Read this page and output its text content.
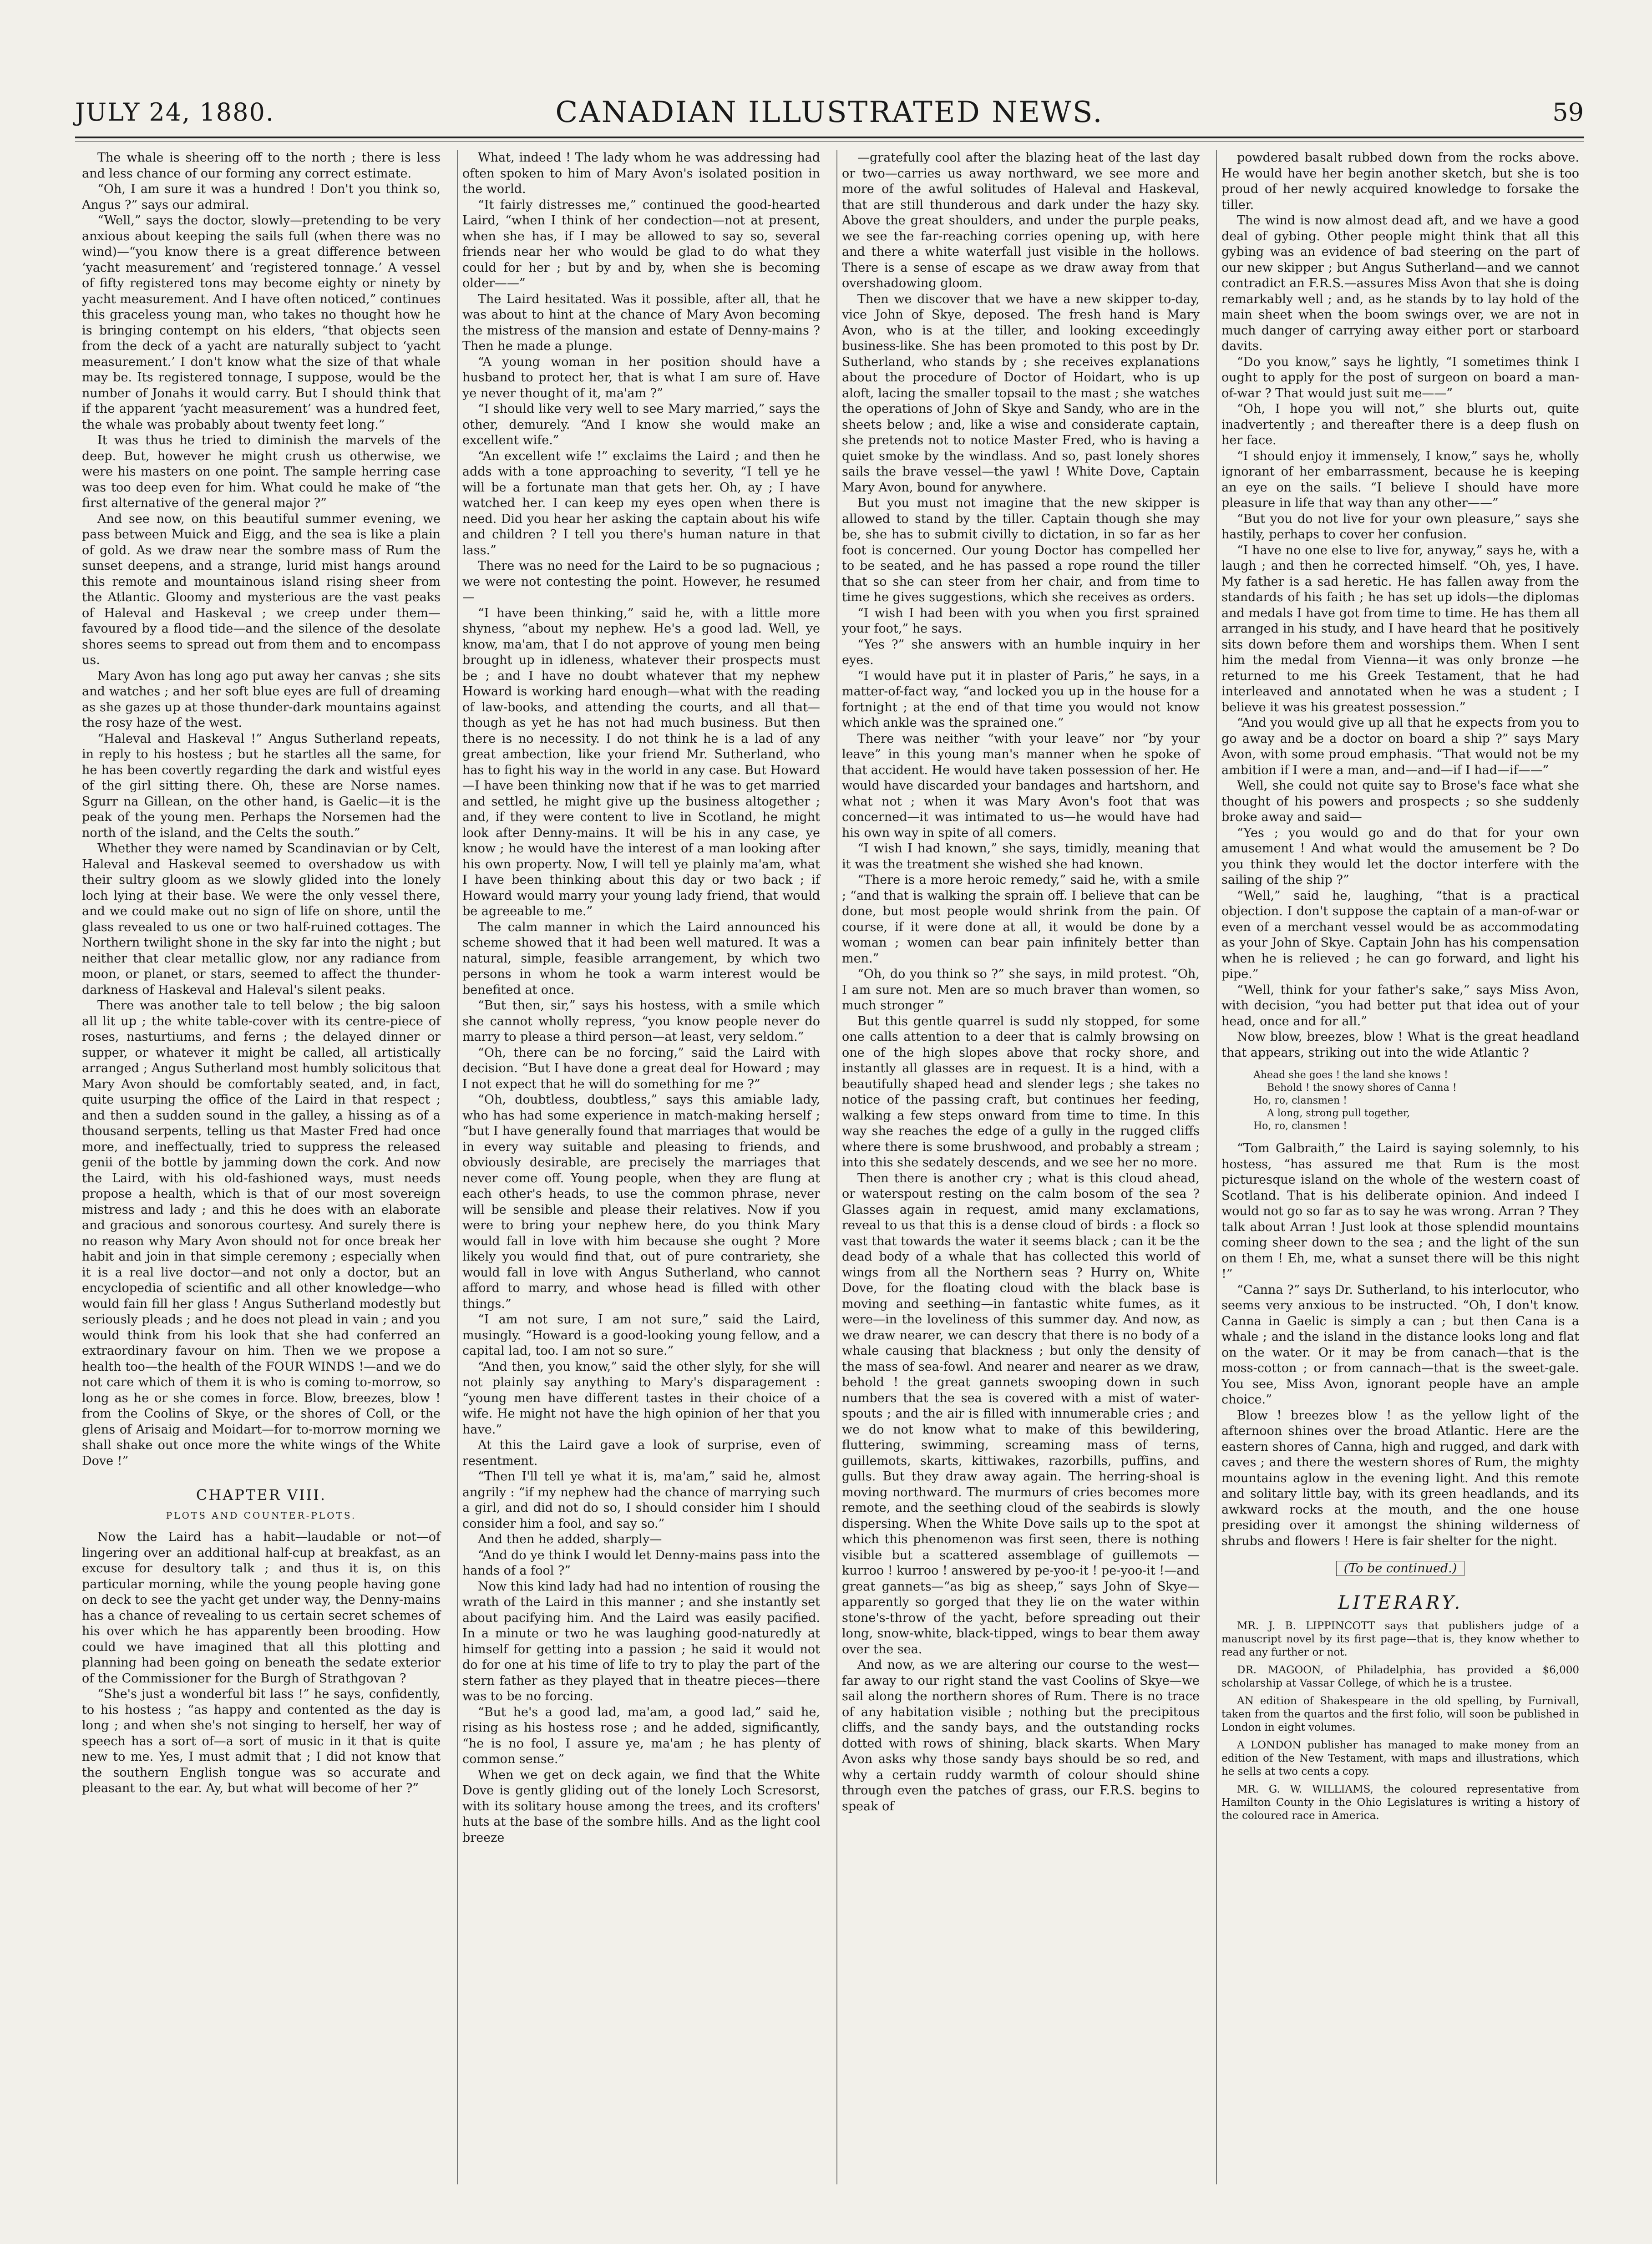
JULY 24, 1880.	CANADIAN ILLUSTRATED NEWS.	59

The whale is sheering off to the north ; there is less and less chance of our forming any correct estimate.

“Oh, I am sure it was a hundred ! Don't you think so, Angus ?” says our admiral.

“Well,” says the doctor, slowly—pretending to be very anxious about keeping the sails full (when there was no wind)—“you know there is a great difference between ‘yacht measurement’ and ‘registered tonnage.’ A vessel of fifty registered tons may become eighty or ninety by yacht measurement. And I have often noticed,” continues this graceless young man, who takes no thought how he is bringing contempt on his elders, “that objects seen from the deck of a yacht are naturally subject to ‘yacht measurement.’ I don't know what the size of that whale may be. Its registered tonnage, I suppose, would be the number of Jonahs it would carry. But I should think that if the apparent ‘yacht measurement’ was a hundred feet, the whale was probably about twenty feet long.”

It was thus he tried to diminish the marvels of the deep. But, however he might crush us otherwise, we were his masters on one point. The sample herring case was too deep even for him. What could he make of “the first alternative of the general major ?”

And see now, on this beautiful summer evening, we pass between Muick and Eigg, and the sea is like a plain of gold. As we draw near the sombre mass of Rum the sunset deepens, and a strange, lurid mist hangs around this remote and mountainous island rising sheer from the Atlantic. Gloomy and mysterious are the vast peaks of Haleval and Haskeval ; we creep under them—favoured by a flood tide—and the silence of the desolate shores seems to spread out from them and to encompass us.

Mary Avon has long ago put away her canvas ; she sits and watches ; and her soft blue eyes are full of dreaming as she gazes up at those thunder-dark mountains against the rosy haze of the west.

“Haleval and Haskeval !” Angus Sutherland repeats, in reply to his hostess ; but he startles all the same, for he has been covertly regarding the dark and wistful eyes of the girl sitting there. Oh, these are Norse names. Sgurr na Gillean, on the other hand, is Gaelic—it is the peak of the young men. Perhaps the Norsemen had the north of the island, and the Celts the south.”

Whether they were named by Scandinavian or by Celt, Haleval and Haskeval seemed to overshadow us with their sultry gloom as we slowly glided into the lonely loch lying at their base. We were the only vessel there, and we could make out no sign of life on shore, until the glass revealed to us one or two half-ruined cottages. The Northern twilight shone in the sky far into the night ; but neither that clear metallic glow, nor any radiance from moon, or planet, or stars, seemed to affect the thunder-darkness of Haskeval and Haleval's silent peaks.

There was another tale to tell below ; the big saloon all lit up ; the white table-cover with its centre-piece of roses, nasturtiums, and ferns ; the delayed dinner or supper, or whatever it might be called, all artistically arranged ; Angus Sutherland most humbly solicitous that Mary Avon should be comfortably seated, and, in fact, quite usurping the office of the Laird in that respect ; and then a sudden sound in the galley, a hissing as of a thousand serpents, telling us that Master Fred had once more, and ineffectually, tried to suppress the released genii of the bottle by jamming down the cork. And now the Laird, with his old-fashioned ways, must needs propose a health, which is that of our most sovereign mistress and lady ; and this he does with an elaborate and gracious and sonorous courtesy. And surely there is no reason why Mary Avon should not for once break her habit and join in that simple ceremony ; especially when it is a real live doctor—and not only a doctor, but an encyclopedia of scientific and all other knowledge—who would fain fill her glass ! Angus Sutherland modestly but seriously pleads ; and he does not plead in vain ; and you would think from his look that she had conferred an extraordinary favour on him. Then we we propose a health too—the health of the FOUR WINDS !—and we do not care which of them it is who is coming to-morrow, so long as he or she comes in force. Blow, breezes, blow ! from the Coolins of Skye, or the shores of Coll, or the glens of Arisaig and Moidart—for to-morrow morning we shall shake out once more the white wings of the White Dove !”

CHAPTER VIII.
PLOTS AND COUNTER-PLOTS.

Now the Laird has a habit—laudable or not—of lingering over an additional half-cup at breakfast, as an excuse for desultory talk ; and thus it is, on this particular morning, while the young people having gone on deck to see the yacht get under way, the Denny-mains has a chance of revealing to us certain secret schemes of his over which he has apparently been brooding. How could we have imagined that all this plotting and planning had been going on beneath the sedate exterior of the Commissioner for the Burgh of Strathgovan ?

“She's just a wonderful bit lass !” he says, confidently, to his hostess ; “as happy and contented as the day is long ; and when she's not singing to herself, her way of speech has a sort of—a sort of music in it that is quite new to me. Yes, I must admit that ; I did not know that the southern English tongue was so accurate and pleasant to the ear. Ay, but what will become of her ?”

What, indeed ! The lady whom he was addressing had often spoken to him of Mary Avon's isolated position in the world.

“It fairly distresses me,” continued the good-hearted Laird, “when I think of her condection—not at present, when she has, if I may be allowed to say so, several friends near her who would be glad to do what they could for her ; but by and by, when she is becoming older——”

The Laird hesitated. Was it possible, after all, that he was about to hint at the chance of Mary Avon becoming the mistress of the mansion and estate of Denny-mains ? Then he made a plunge.

“A young woman in her position should have a husband to protect her, that is what I am sure of. Have ye never thought of it, ma'am ?”

“I should like very well to see Mary married,” says the other, demurely. “And I know she would make an excellent wife.”

“An excellent wife !” exclaims the Laird ; and then he adds with a tone approaching to severity, “I tell ye he will be a fortunate man that gets her. Oh, ay ; I have watched her. I can keep my eyes open when there is need. Did you hear her asking the captain about his wife and children ? I tell you there's human nature in that lass.”

There was no need for the Laird to be so pugnacious ; we were not contesting the point. However, he resumed—

“I have been thinking,” said he, with a little more shyness, “about my nephew. He's a good lad. Well, ye know, ma'am, that I do not approve of young men being brought up in idleness, whatever their prospects must be ; and I have no doubt whatever that my nephew Howard is working hard enough—what with the reading of law-books, and attending the courts, and all that—though as yet he has not had much business. But then there is no necessity. I do not think he is a lad of any great ambection, like your friend Mr. Sutherland, who has to fight his way in the world in any case. But Howard—I have been thinking now that if he was to get married and settled, he might give up the business altogether ; and, if they were content to live in Scotland, he might look after Denny-mains. It will be his in any case, ye know ; he would have the interest of a man looking after his own property. Now, I will tell ye plainly ma'am, what I have been thinking about this day or two back ; if Howard would marry your young lady friend, that would be agreeable to me.”

The calm manner in which the Laird announced his scheme showed that it had been well matured. It was a natural, simple, feasible arrangement, by which two persons in whom he took a warm interest would be benefited at once.

“But then, sir,” says his hostess, with a smile which she cannot wholly repress, “you know people never do marry to please a third person—at least, very seldom.”

“Oh, there can be no forcing,” said the Laird with decision. “But I have done a great deal for Howard ; may I not expect that he will do something for me ?”

“Oh, doubtless, doubtless,” says this amiable lady, who has had some experience in match-making herself ; “but I have generally found that marriages that would be in every way suitable and pleasing to friends, and obviously desirable, are precisely the marriages that never come off. Young people, when they are flung at each other's heads, to use the common phrase, never will be sensible and please their relatives. Now if you were to bring your nephew here, do you think Mary would fall in love with him because she ought ? More likely you would find that, out of pure contrariety, she would fall in love with Angus Sutherland, who cannot afford to marry, and whose head is filled with other things.”

“I am not sure, I am not sure,” said the Laird, musingly. “Howard is a good-looking young fellow, and a capital lad, too. I am not so sure.”

“And then, you know,” said the other slyly, for she will not plainly say anything to Mary's disparagement : “young men have different tastes in their choice of a wife. He might not have the high opinion of her that you have.”

At this the Laird gave a look of surprise, even of resentment.

“Then I'll tell ye what it is, ma'am,” said he, almost angrily : “if my nephew had the chance of marrying such a girl, and did not do so, I should consider him I should consider him a fool, and say so.”

And then he added, sharply—

“And do ye think I would let Denny-mains pass into the hands of a fool ?”

Now this kind lady had had no intention of rousing the wrath of the Laird in this manner ; and she instantly set about pacifying him. And the Laird was easily pacified. In a minute or two he was laughing good-naturedly at himself for getting into a passion ; he said it would not do for one at his time of life to try to play the part of the stern father as they played that in theatre pieces—there was to be no forcing.

“But he's a good lad, ma'am, a good lad,” said he, rising as his hostess rose ; and he added, significantly, “he is no fool, I assure ye, ma'am ; he has plenty of common sense.”

When we get on deck again, we find that the White Dove is gently gliding out of the lonely Loch Scresorst, with its solitary house among the trees, and its crofters' huts at the base of the sombre hills. And as the light cool breeze

—gratefully cool after the blazing heat of the last day or two—carries us away northward, we see more and more of the awful solitudes of Haleval and Haskeval, that are still thunderous and dark under the hazy sky. Above the great shoulders, and under the purple peaks, we see the far-reaching corries opening up, with here and there a white waterfall just visible in the hollows. There is a sense of escape as we draw away from that overshadowing gloom.

Then we discover that we have a new skipper to-day, vice John of Skye, deposed. The fresh hand is Mary Avon, who is at the tiller, and looking exceedingly business-like. She has been promoted to this post by Dr. Sutherland, who stands by ; she receives explanations about the procedure of Doctor of Hoidart, who is up aloft, lacing the smaller topsail to the mast ; she watches the operations of John of Skye and Sandy, who are in the sheets below ; and, like a wise and considerate captain, she pretends not to notice Master Fred, who is having a quiet smoke by the windlass. And so, past lonely shores sails the brave vessel—the yawl ! White Dove, Captain Mary Avon, bound for anywhere.

But you must not imagine that the new skipper is allowed to stand by the tiller. Captain though she may be, she has to submit civilly to dictation, in so far as her foot is concerned. Our young Doctor has compelled her to be seated, and he has passed a rope round the tiller that so she can steer from her chair, and from time to time he gives suggestions, which she receives as orders.

“I wish I had been with you when you first sprained your foot,” he says.

“Yes ?” she answers with an humble inquiry in her eyes.

“I would have put it in plaster of Paris,” he says, in a matter-of-fact way, “and locked you up in the house for a fortnight ; at the end of that time you would not know which ankle was the sprained one.”

There was neither “with your leave” nor “by your leave” in this young man's manner when he spoke of that accident. He would have taken possession of her. He would have discarded your bandages and hartshorn, and what not ; when it was Mary Avon's foot that was concerned—it was intimated to us—he would have had his own way in spite of all comers.

“I wish I had known,” she says, timidly, meaning that it was the treatment she wished she had known.

“There is a more heroic remedy,” said he, with a smile ; “and that is walking the sprain off. I believe that can be done, but most people would shrink from the pain. Of course, if it were done at all, it would be done by a woman ; women can bear pain infinitely better than men.”

“Oh, do you think so ?” she says, in mild protest. “Oh, I am sure not. Men are so much braver than women, so much stronger ”

But this gentle quarrel is sudd nly stopped, for some one calls attention to a deer that is calmly browsing on one of the high slopes above that rocky shore, and instantly all glasses are in request. It is a hind, with a beautifully shaped head and slender legs ; she takes no notice of the passing craft, but continues her feeding, walking a few steps onward from time to time. In this way she reaches the edge of a gully in the rugged cliffs where there is some brushwood, and probably a stream ; into this she sedately descends, and we see her no more.

Then there is another cry ; what is this cloud ahead, or waterspout resting on the calm bosom of the sea ? Glasses again in request, amid many exclamations, reveal to us that this is a dense cloud of birds : a flock so vast that towards the water it seems black ; can it be the dead body of a whale that has collected this world of wings from all the Northern seas ? Hurry on, White Dove, for the floating cloud with the black base is moving and seething—in fantastic white fumes, as it were—in the loveliness of this summer day. And now, as we draw nearer, we can descry that there is no body of a whale causing that blackness ; but only the density of the mass of sea-fowl. And nearer and nearer as we draw, behold ! the great gannets swooping down in such numbers that the sea is covered with a mist of water-spouts ; and the air is filled with innumerable cries ; and we do not know what to make of this bewildering, fluttering, swimming, screaming mass of terns, guillemots, skarts, kittiwakes, razorbills, puffins, and gulls. But they draw away again. The herring-shoal is moving northward. The murmurs of cries becomes more remote, and the seething cloud of the seabirds is slowly dispersing. When the White Dove sails up to the spot at which this phenomenon was first seen, there is nothing visible but a scattered assemblage of guillemots —kurroo ! kurroo ! answered by pe-yoo-it ! pe-yoo-it !—and great gannets—“as big as sheep,” says John of Skye—apparently so gorged that they lie on the water within stone's-throw of the yacht, before spreading out their long, snow-white, black-tipped, wings to bear them away over the sea.

And now, as we are altering our course to the west—far away to our right stand the vast Coolins of Skye—we sail along the northern shores of Rum. There is no trace of any habitation visible ; nothing but the precipitous cliffs, and the sandy bays, and the outstanding rocks dotted with rows of shining, black skarts. When Mary Avon asks why those sandy bays should be so red, and why a certain ruddy warmth of colour should shine through even the patches of grass, our F.R.S. begins to speak of

powdered basalt rubbed down from the rocks above. He would have her begin another sketch, but she is too proud of her newly acquired knowledge to forsake the tiller.

The wind is now almost dead aft, and we have a good deal of gybing. Other people might think that all this gybing was an evidence of bad steering on the part of our new skipper ; but Angus Sutherland—and we cannot contradict an F.R.S.—assures Miss Avon that she is doing remarkably well ; and, as he stands by to lay hold of the main sheet when the boom swings over, we are not in much danger of carrying away either port or starboard davits.

“Do you know,” says he lightly, “I sometimes think I ought to apply for the post of surgeon on board a man-of-war ? That would just suit me——”

“Oh, I hope you will not,” she blurts out, quite inadvertently ; and thereafter there is a deep flush on her face.

“I should enjoy it immensely, I know,” says he, wholly ignorant of her embarrassment, because he is keeping an eye on the sails. “I believe I should have more pleasure in life that way than any other——”

“But you do not live for your own pleasure,” says she hastily, perhaps to cover her confusion.

“I have no one else to live for, anyway,” says he, with a laugh ; and then he corrected himself. “Oh, yes, I have. My father is a sad heretic. He has fallen away from the standards of his faith ; he has set up idols—the diplomas and medals I have got from time to time. He has them all arranged in his study, and I have heard that he positively sits down before them and worships them. When I sent him the medal from Vienna—it was only bronze —he returned to me his Greek Testament, that he had interleaved and annotated when he was a student ; I believe it was his greatest possession.”

“And you would give up all that he expects from you to go away and be a doctor on board a ship ?” says Mary Avon, with some proud emphasis. “That would not be my ambition if I were a man, and—and—if I had—if——”

Well, she could not quite say to Brose's face what she thought of his powers and prospects ; so she suddenly broke away and said—

“Yes ; you would go and do that for your own amusement ! And what would the amusement be ? Do you think they would let the doctor interfere with the sailing of the ship ?”

“Well,” said he, laughing, “that is a practical objection. I don't suppose the captain of a man-of-war or even of a merchant vessel would be as accommodating as your John of Skye. Captain John has his compensation when he is relieved ; he can go forward, and light his pipe.”

“Well, think for your father's sake,” says Miss Avon, with decision, “you had better put that idea out of your head, once and for all.”

Now blow, breezes, blow ! What is the great headland that appears, striking out into the wide Atlantic ?

Ahead she goes ! the land she knows !
Behold ! the snowy shores of Canna !
Ho, ro, clansmen !
A long, strong pull together,
Ho, ro, clansmen !

“Tom Galbraith,” the Laird is saying solemnly, to his hostess, “has assured me that Rum is the most picturesque island on the whole of the western coast of Scotland. That is his deliberate opinion. And indeed I would not go so far as to say he was wrong. Arran ? They talk about Arran ! Just look at those splendid mountains coming sheer down to the sea ; and the light of the sun on them ! Eh, me, what a sunset there will be this night !”

“Canna ?” says Dr. Sutherland, to his interlocutor, who seems very anxious to be instructed. “Oh, I don't know. Canna in Gaelic is simply a can ; but then Cana is a whale ; and the island in the distance looks long and flat on the water. Or it may be from canach—that is the moss-cotton ; or from cannach—that is the sweet-gale. You see, Miss Avon, ignorant people have an ample choice.”

Blow ! breezes blow ! as the yellow light of the afternoon shines over the broad Atlantic. Here are the eastern shores of Canna, high and rugged, and dark with caves ; and there the western shores of Rum, the mighty mountains aglow in the evening light. And this remote and solitary little bay, with its green headlands, and its awkward rocks at the mouth, and the one house presiding over it amongst the shining wilderness of shrubs and flowers ! Here is fair shelter for the night.

(To be continued.)
LITERARY.

MR. J. B. LIPPINCOTT says that publishers judge of a manuscript novel by its first page—that is, they know whether to read any further or not.

DR. MAGOON, of Philadelphia, has provided a $6,000 scholarship at Vassar College, of which he is a trustee.

AN edition of Shakespeare in the old spelling, by Furnivall, taken from the quartos and the first folio, will soon be published in London in eight volumes.

A LONDON publisher has managed to make money from an edition of the New Testament, with maps and illustrations, which he sells at two cents a copy.

MR. G. W. WILLIAMS, the coloured representative from Hamilton County in the Ohio Legislatures is writing a history of the coloured race in America.
